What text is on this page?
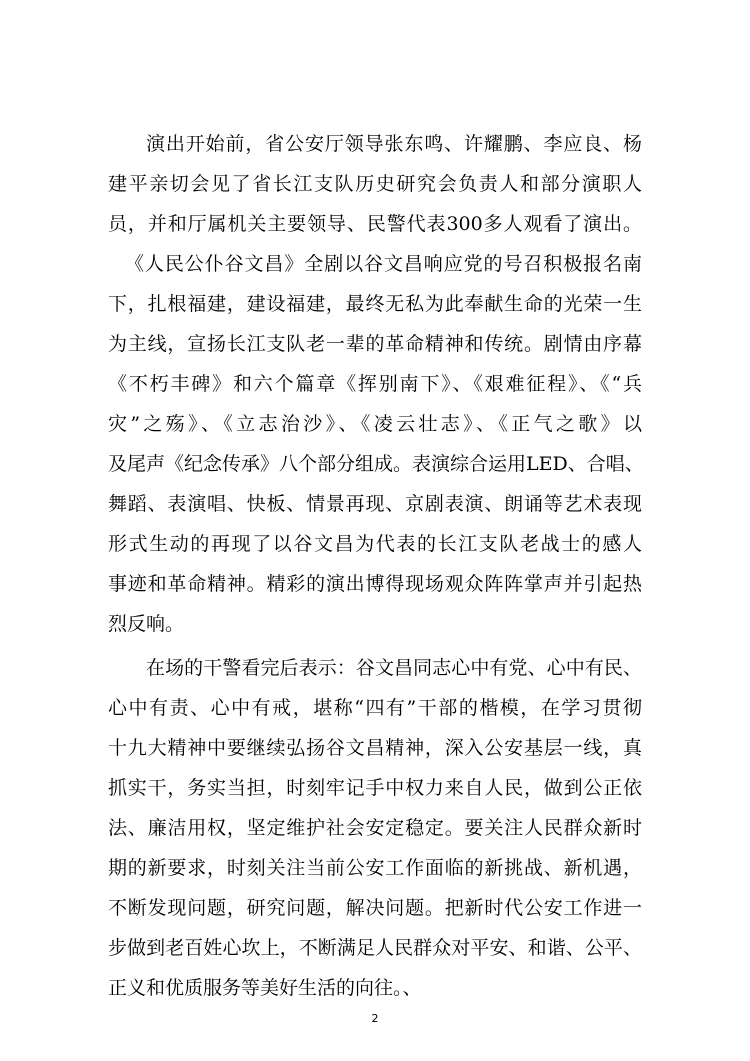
演出开始前，省公安厅领导张东鸣、许耀鹏、李应良、杨
建平亲切会见了省长江支队历史研究会负责人和部分演职人
员，并和厅属机关主要领导、民警代表300多人观看了演出。
《人民公仆谷文昌》全剧以谷文昌响应党的号召积极报名南
下，扎根福建，建设福建，最终无私为此奉献生命的光荣一生
为主线，宣扬长江支队老一辈的革命精神和传统。剧情由序幕
《不朽丰碑》和六个篇章《挥别南下》、《艰难征程》、《“兵
灾”之殇》、《立志治沙》、《凌云壮志》、《正气之歌》以
及尾声《纪念传承》八个部分组成。表演综合运用LED、合唱、
舞蹈、表演唱、快板、情景再现、京剧表演、朗诵等艺术表现
形式生动的再现了以谷文昌为代表的长江支队老战士的感人
事迹和革命精神。精彩的演出博得现场观众阵阵掌声并引起热
烈反响。
在场的干警看完后表示：谷文昌同志心中有党、心中有民、
心中有责、心中有戒，堪称“四有”干部的楷模，在学习贯彻
十九大精神中要继续弘扬谷文昌精神，深入公安基层一线，真
抓实干，务实当担，时刻牢记手中权力来自人民，做到公正依
法、廉洁用权，坚定维护社会安定稳定。要关注人民群众新时
期的新要求，时刻关注当前公安工作面临的新挑战、新机遇，
不断发现问题，研究问题，解决问题。把新时代公安工作进一
步做到老百姓心坎上，不断满足人民群众对平安、和谐、公平、
正义和优质服务等美好生活的向往。、
2
